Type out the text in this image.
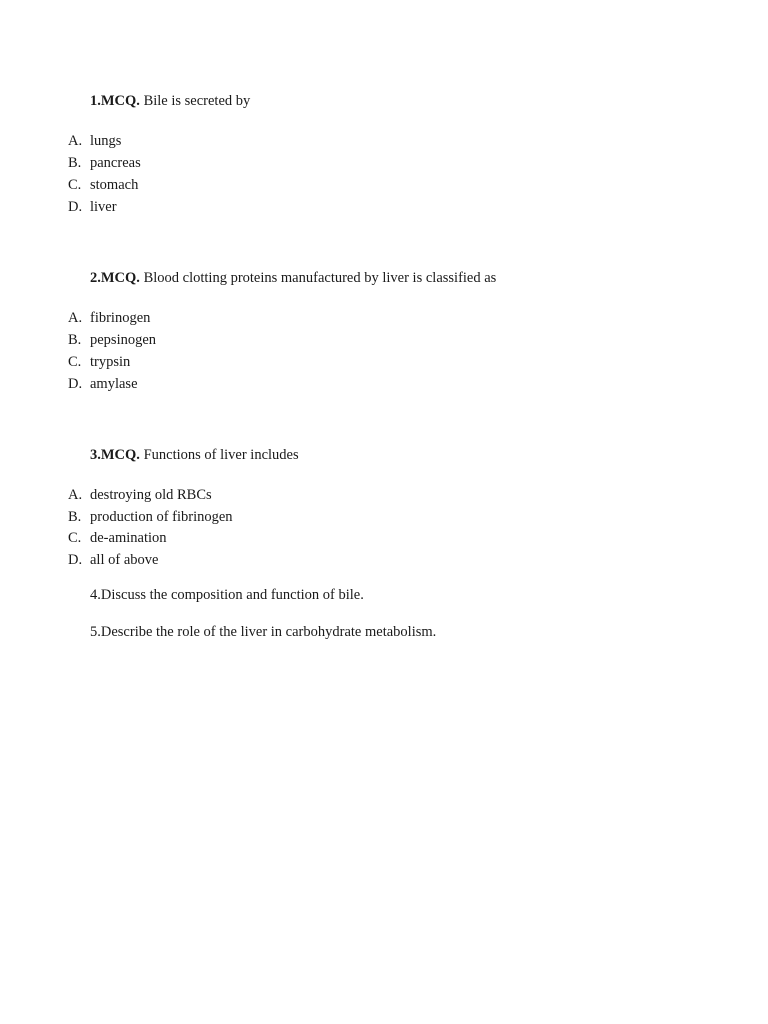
1.MCQ. Bile is secreted by
A. lungs
B. pancreas
C. stomach
D. liver
2.MCQ. Blood clotting proteins manufactured by liver is classified as
A. fibrinogen
B. pepsinogen
C. trypsin
D. amylase
3.MCQ. Functions of liver includes
A. destroying old RBCs
B. production of fibrinogen
C. de-amination
D. all of above
4.Discuss the composition and function of bile.
5.Describe the role of the liver in carbohydrate metabolism.
